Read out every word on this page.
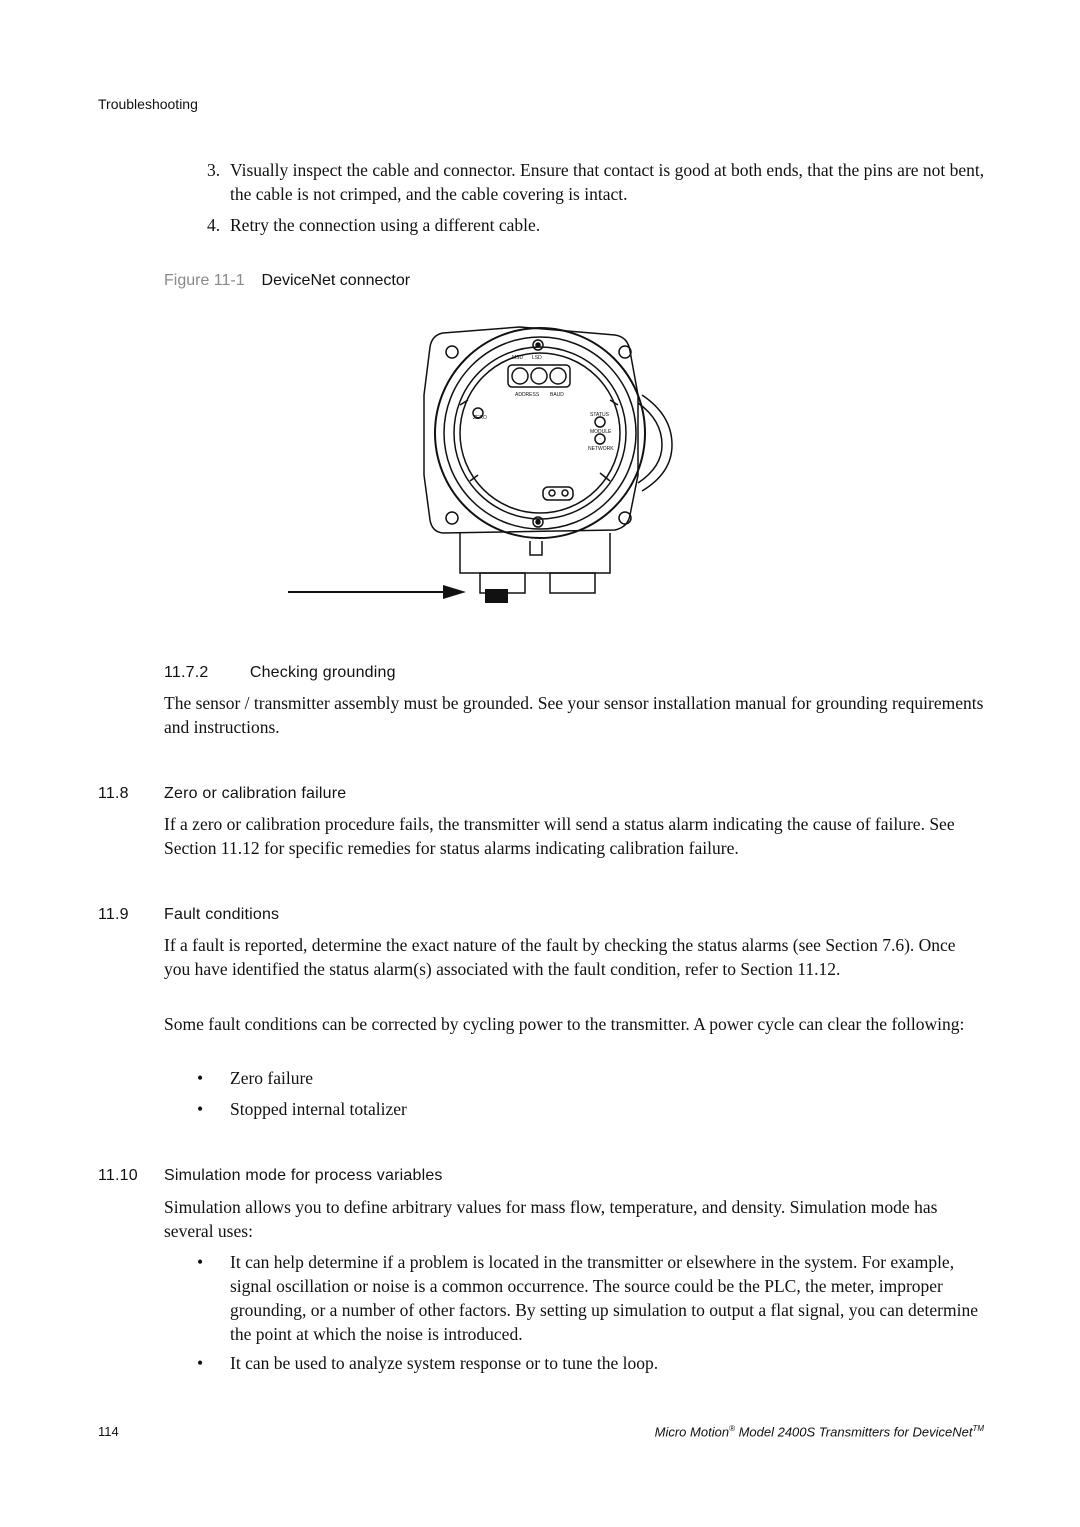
Troubleshooting
3. Visually inspect the cable and connector. Ensure that contact is good at both ends, that the pins are not bent, the cable is not crimped, and the cable covering is intact.
4. Retry the connection using a different cable.
Figure 11-1 DeviceNet connector
MSD LSD
ADDRESS BAUD
ZERO	STATUS
MODULE
NETWORK
11.7.2	Checking grounding
The sensor / transmitter assembly must be grounded. See your sensor installation manual for grounding requirements and instructions.
11.8 Zero or calibration failure
If a zero or calibration procedure fails, the transmitter will send a status alarm indicating the cause of failure. See Section 11.12 for specific remedies for status alarms indicating calibration failure.
11.9 Fault conditions
If a fault is reported, determine the exact nature of the fault by checking the status alarms (see Section 7.6). Once you have identified the status alarm(s) associated with the fault condition, refer to Section 11.12.
Some fault conditions can be corrected by cycling power to the transmitter. A power cycle can clear the following:
• Zero failure
• Stopped internal totalizer
11.10 Simulation mode for process variables
Simulation allows you to define arbitrary values for mass flow, temperature, and density. Simulation mode has several uses:
• It can help determine if a problem is located in the transmitter or elsewhere in the system. For example, signal oscillation or noise is a common occurrence. The source could be the PLC, the meter, improper grounding, or a number of other factors. By setting up simulation to output a flat signal, you can determine the point at which the noise is introduced.
• It can be used to analyze system response or to tune the loop.
114	Micro Motion® Model 2400S Transmitters for DeviceNet™
